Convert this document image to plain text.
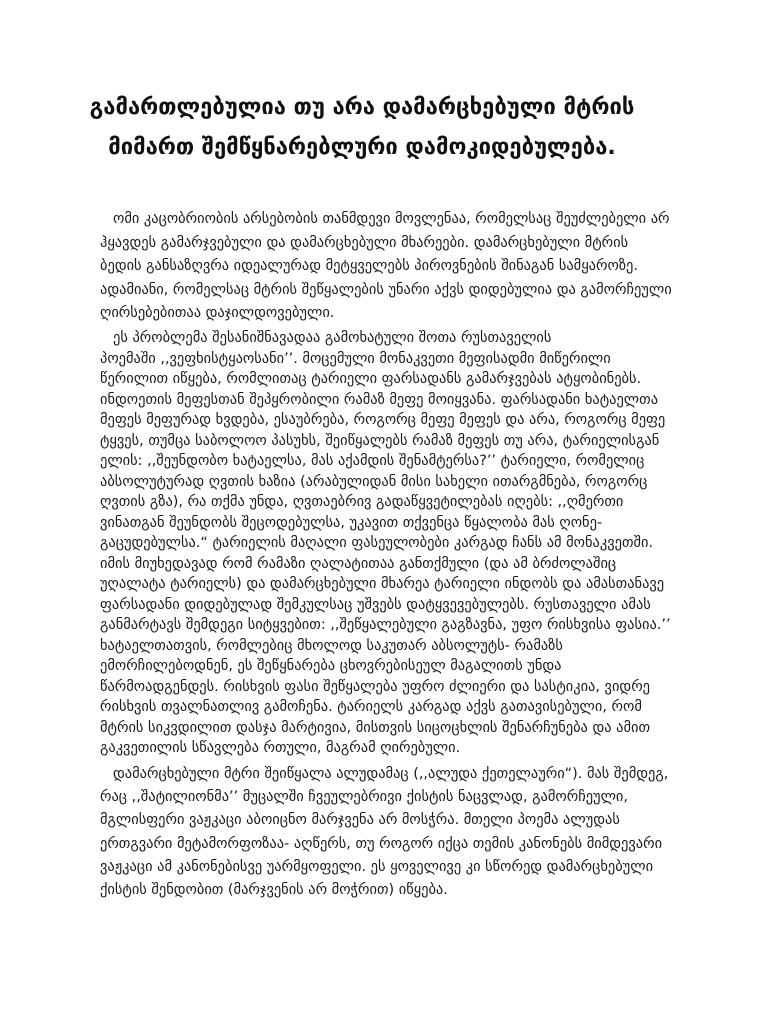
გამართლებულია თუ არა დამარცხებული მტრის
მიმართ შემწყნარებლური დამოკიდებულება.
ომი კაცობრიობის არსებობის თანმდევი მოვლენაა, რომელსაც შეუძლებელი არ
ჰყავდეს გამარჯვებული და დამარცხებული მხარეები. დამარცხებული მტრის
ბედის განსაზღვრა იდეალურად მეტყველებს პიროვნების შინაგან სამყაროზე.
ადამიანი, რომელსაც მტრის შეწყალების უნარი აქვს დიდებულია და გამორჩეული
ღირსებებითაა დაჯილდოვებული.
ეს პრობლემა შესანიშნავადაა გამოხატული შოთა რუსთაველის
პოემაში ,,ვეფხისტყაოსანი’’. მოცემული მონაკვეთი მეფისადმი მიწერილი
წერილით იწყება, რომლითაც ტარიელი ფარსადანს გამარჯვებას ატყობინებს.
ინდოეთის მეფესთან შეპყრობილი რამაზ მეფე მოიყვანა. ფარსადანი ხატაელთა
მეფეს მეფურად ხვდება, ესაუბრება, როგორც მეფე მეფეს და არა, როგორც მეფე
ტყვეს, თუმცა საბოლოო პასუხს, შეიწყალებს რამაზ მეფეს თუ არა, ტარიელისგან
ელის: ,,შეუნდობო ხატაელსა, მას აქამდის შენამტერსა?’’ ტარიელი, რომელიც
აბსოლუტურად ღვთის ხაზია (არაბულიდან მისი სახელი ითარგმნება, როგორც
ღვთის გზა), რა თქმა უნდა, ღვთაებრივ გადაწყვეტილებას იღებს: ,,ღმერთი
ვინათგან შეუნდობს შეცოდებულსა, უკავით თქვენცა წყალობა მას ღონე-
გაცუდებულსა.“ ტარიელის მაღალი ფასეულობები კარგად ჩანს ამ მონაკვეთში.
იმის მიუხედავად რომ რამაზი ღალატითაა განთქმული (და ამ ბრძოლაშიც
უღალატა ტარიელს) და დამარცხებული მხარეა ტარიელი ინდობს და ამასთანავე
ფარსადანი დიდებულად შემკულსაც უშვებს დატყვევებულებს. რუსთაველი ამას
განმარტავს შემდეგი სიტყვებით: ,,შეწყალებული გაგზავნა, უფო რისხვისა ფასია.’’
ხატაელთათვის, რომლებიც მხოლოდ საკუთარ აბსოლუტს- რამაზს
ემორჩილებოდნენ, ეს შეწყნარება ცხოვრებისეულ მაგალითს უნდა
წარმოადგენდეს. რისხვის ფასი შეწყალება უფრო ძლიერი და სასტიკია, ვიდრე
რისხვის თვალნათლივ გამოჩენა. ტარიელს კარგად აქვს გათავისებული, რომ
მტრის სიკვდილით დასჯა მარტივია, მისთვის სიცოცხლის შენარჩუნება და ამით
გაკვეთილის სწავლება რთული, მაგრამ ღირებული.
დამარცხებული მტრი შეიწყალა ალუდამაც (,,ალუდა ქეთელაური“). მას შემდეგ,
რაც ,,შატილიონმა’’ მუცალში ჩვეულებრივი ქისტის ნაცვლად, გამორჩეული,
მგლისფერი ვაჟკაცი აბოიცნო მარჯვენა არ მოსჭრა. მთელი პოემა ალუდას
ერთგვარი მეტამორფოზაა- აღწერს, თუ როგორ იქცა თემის კანონებს მიმდევარი
ვაჟკაცი ამ კანონებისვე უარმყოფელი. ეს ყოველივე კი სწორედ დამარცხებული
ქისტის შენდობით (მარჯვენის არ მოჭრით) იწყება.
